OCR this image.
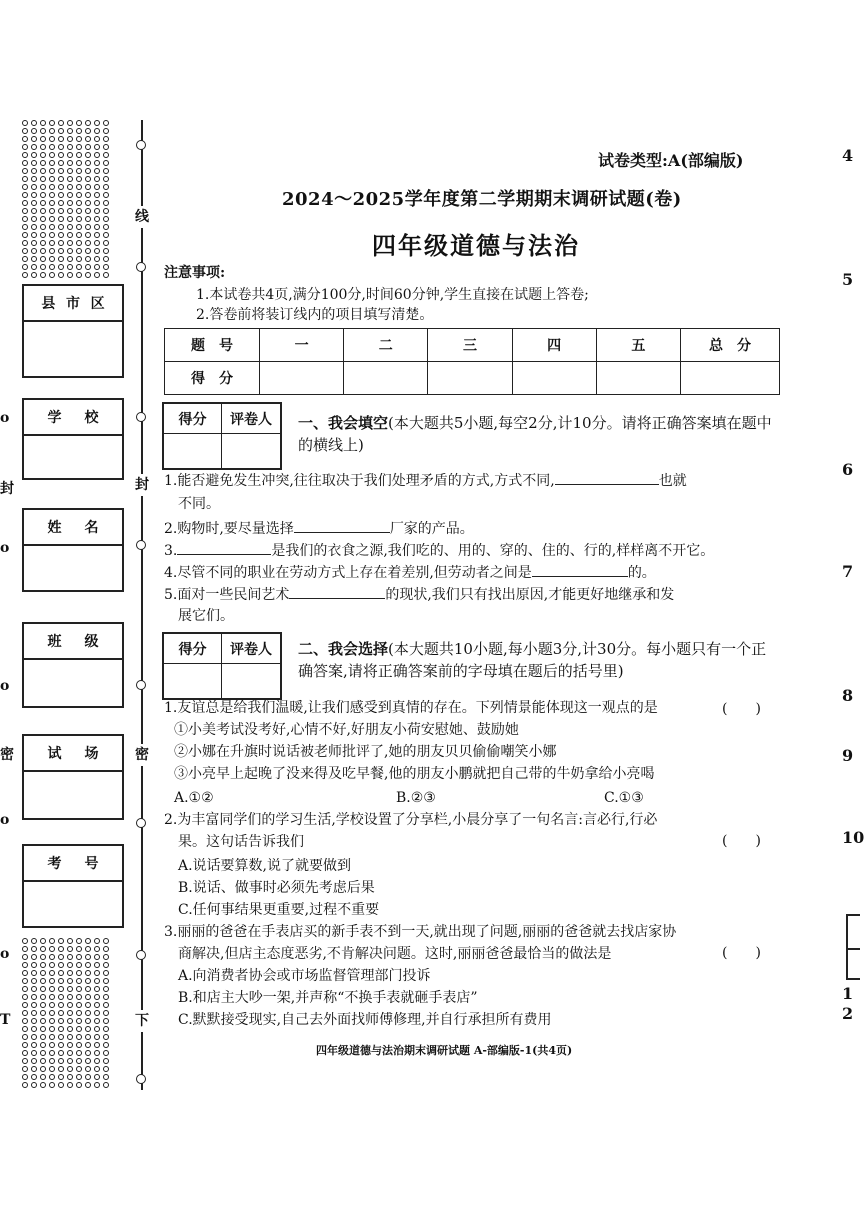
线
封
密
下
封
密
T
o
o
o
o
o
县 市 区
学 校
姓 名
班 级
试 场
考 号
4
5
6
7
8
9
10
1
2
试卷类型:A(部编版)
2024～2025学年度第二学期期末调研试题(卷)
四年级道德与法治
注意事项:
1.本试卷共4页,满分100分,时间60分钟,学生直接在试题上答卷;
2.答卷前将装订线内的项目填写清楚。
题　号	一	二	三	四	五	总　分
得　分						
得分	评卷人	一、我会填空(本大题共5小题,每空2分,计10分。请将正确答案填在题中的横线上)
1.能否避免发生冲突,往往取决于我们处理矛盾的方式,方式不同,	也就
不同。
2.购物时,要尽量选择	厂家的产品。
3.	是我们的衣食之源,我们吃的、用的、穿的、住的、行的,样样离不开它。
4.尽管不同的职业在劳动方式上存在着差别,但劳动者之间是	的。
5.面对一些民间艺术	的现状,我们只有找出原因,才能更好地继承和发
展它们。
得分	评卷人	二、我会选择(本大题共10小题,每小题3分,计30分。每小题只有一个正确答案,请将正确答案前的字母填在题后的括号里)
1.友谊总是给我们温暖,让我们感受到真情的存在。下列情景能体现这一观点的是	(　　)
①小美考试没考好,心情不好,好朋友小荷安慰她、鼓励她
②小娜在升旗时说话被老师批评了,她的朋友贝贝偷偷嘲笑小娜
③小亮早上起晚了没来得及吃早餐,他的朋友小鹏就把自己带的牛奶拿给小亮喝
A.①②	B.②③	C.①③
2.为丰富同学们的学习生活,学校设置了分享栏,小晨分享了一句名言:言必行,行必
果。这句话告诉我们	(　　)
A.说话要算数,说了就要做到
B.说话、做事时必须先考虑后果
C.任何事结果更重要,过程不重要
3.丽丽的爸爸在手表店买的新手表不到一天,就出现了问题,丽丽的爸爸就去找店家协
商解决,但店主态度恶劣,不肯解决问题。这时,丽丽爸爸最恰当的做法是	(　　)
A.向消费者协会或市场监督管理部门投诉
B.和店主大吵一架,并声称“不换手表就砸手表店”
C.默默接受现实,自己去外面找师傅修理,并自行承担所有费用
四年级道德与法治期末调研试题 A-部编版-1(共4页)
